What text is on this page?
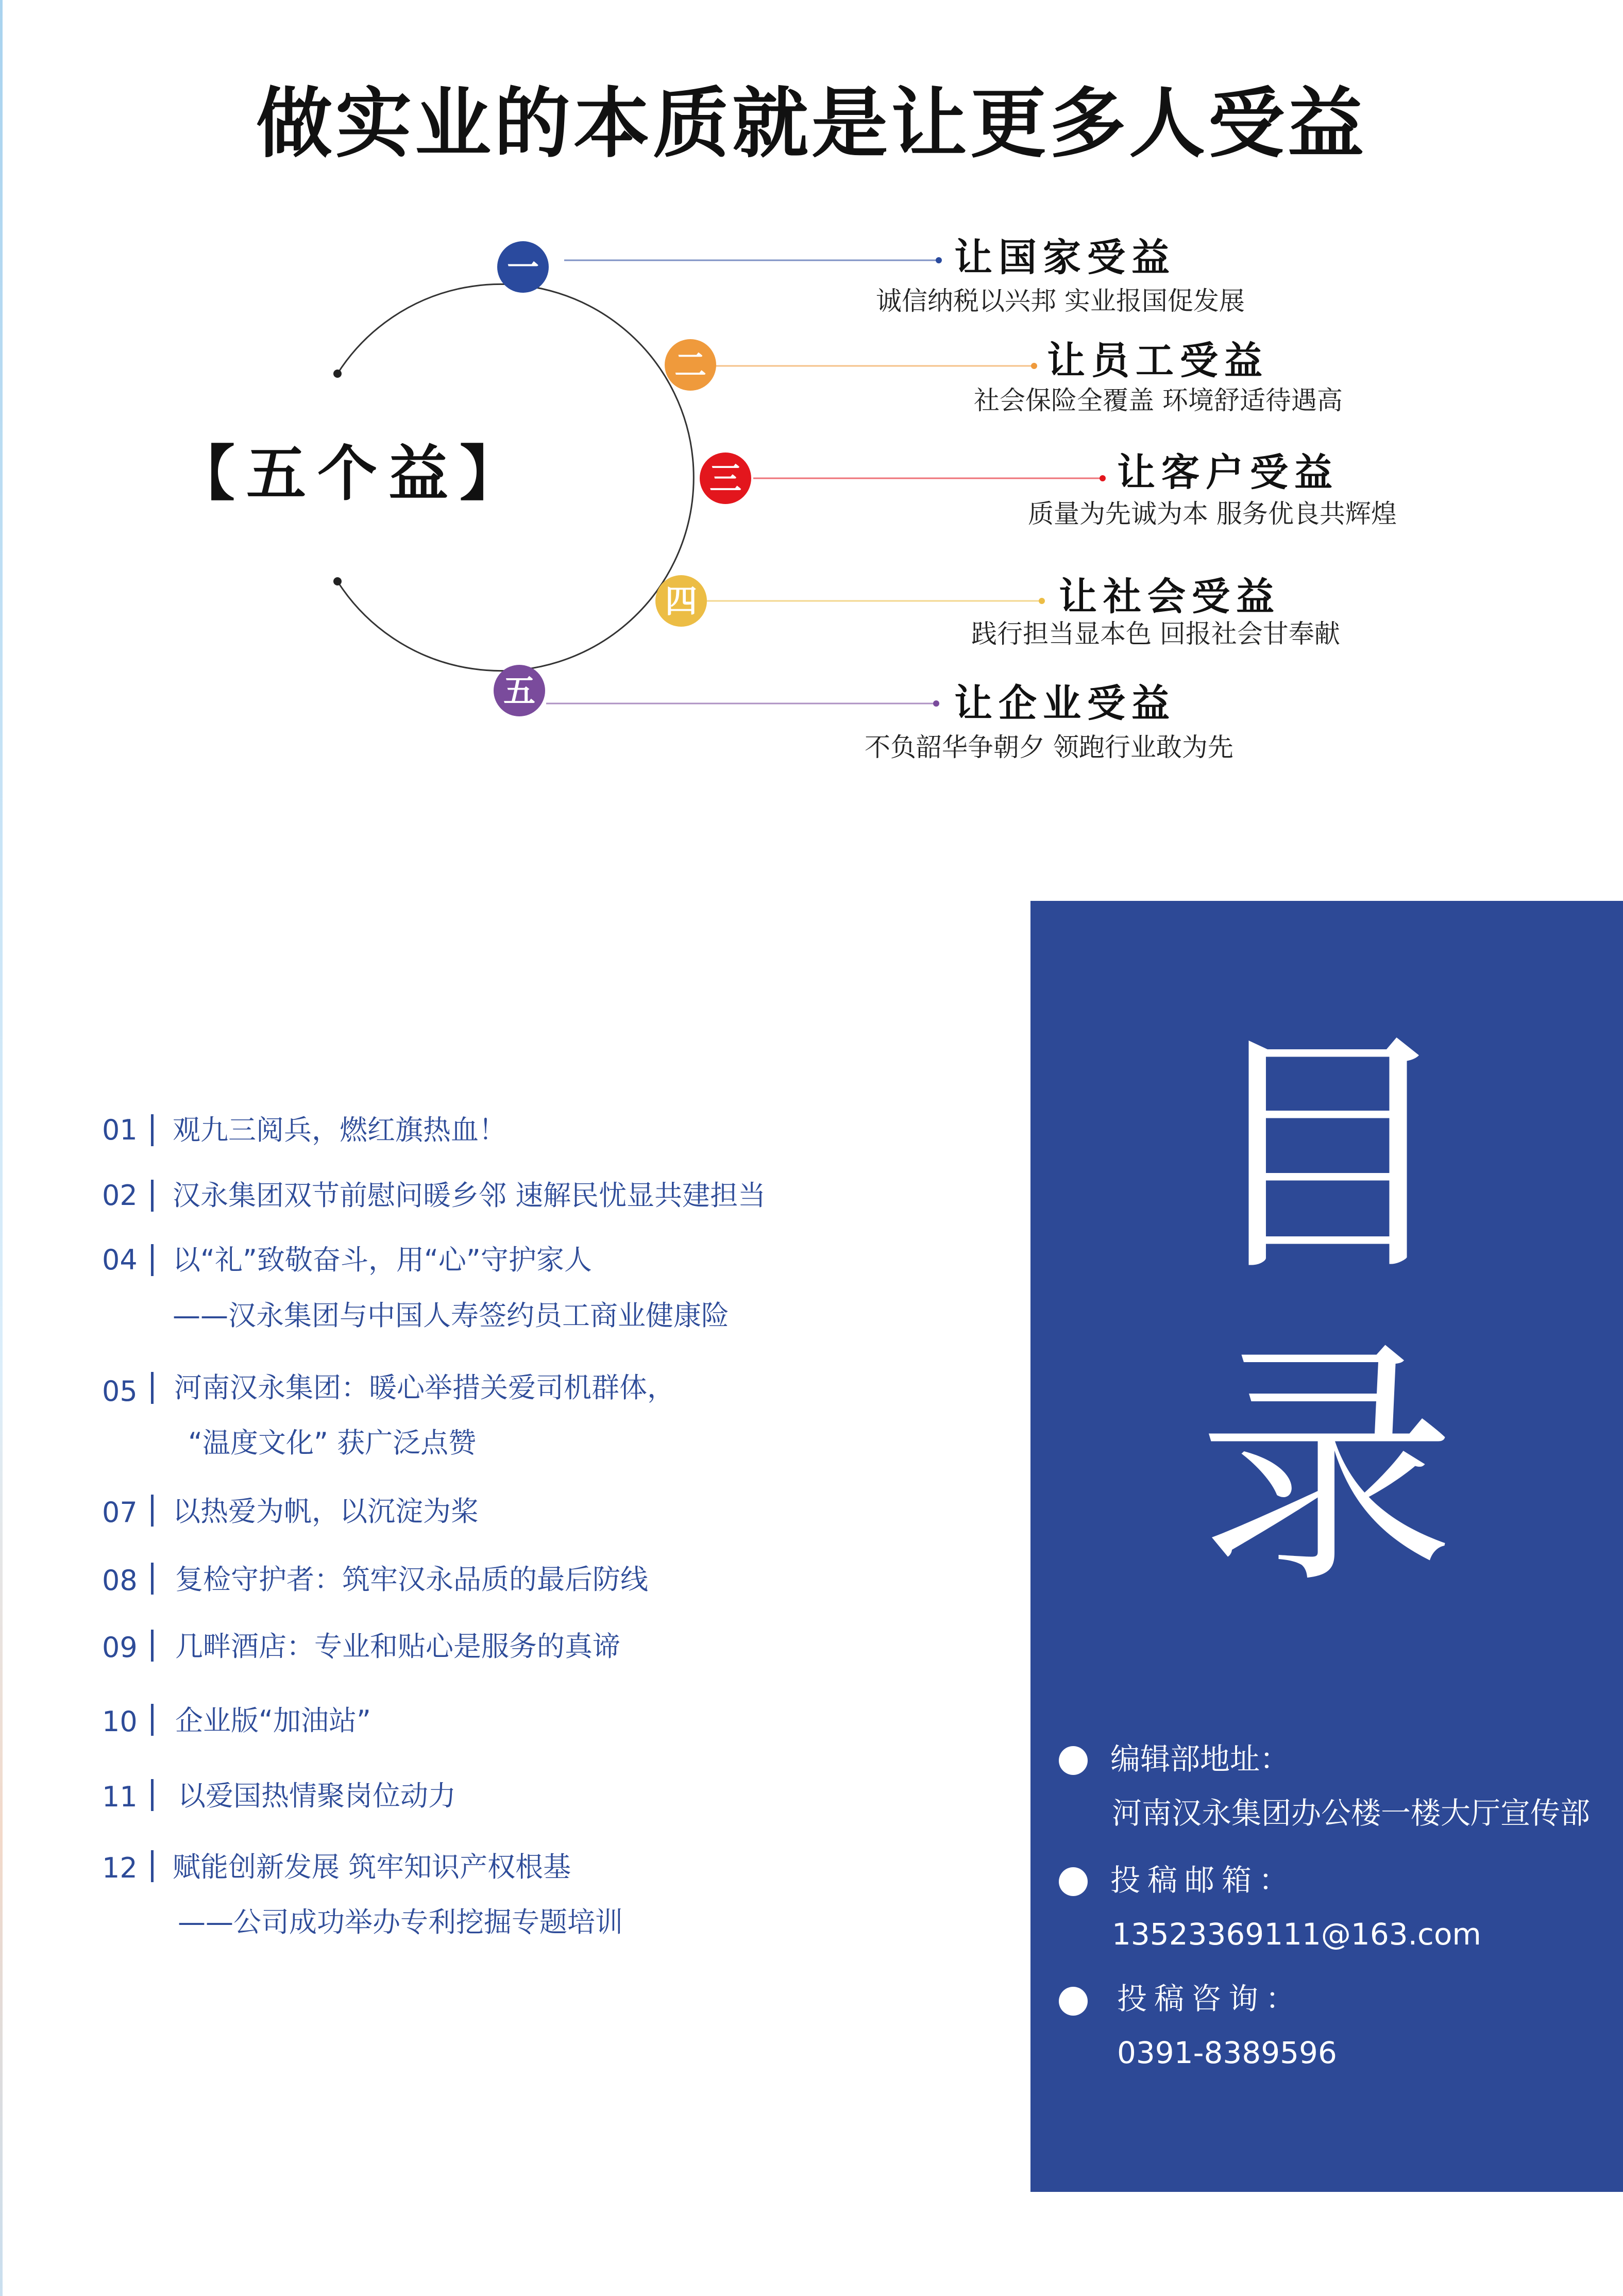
做实业的本质就是让更多人受益
一
二
三
四
五
【五个益】
让国家受益
诚信纳税以兴邦 实业报国促发展
让员工受益
社会保险全覆盖 环境舒适待遇高
让客户受益
质量为先诚为本 服务优良共辉煌
让社会受益
践行担当显本色 回报社会甘奉献
让企业受益
不负韶华争朝夕 领跑行业敢为先
01 观九三阅兵，燃红旗热血！
02 汉永集团双节前慰问暖乡邻 速解民忧显共建担当
04 以“礼”致敬奋斗，用“心”守护家人
——汉永集团与中国人寿签约员工商业健康险
05 河南汉永集团：暖心举措关爱司机群体，
“温度文化” 获广泛点赞
07 以热爱为帆，以沉淀为桨
08 复检守护者：筑牢汉永品质的最后防线
09 几畔酒店：专业和贴心是服务的真谛
10 企业版“加油站”
11 以爱国热情聚岗位动力
12 赋能创新发展 筑牢知识产权根基
——公司成功举办专利挖掘专题培训
目
录
编辑部地址：
河南汉永集团办公楼一楼大厅宣传部
投稿邮箱：
13523369111@163.com
投稿咨询：
0391-8389596
